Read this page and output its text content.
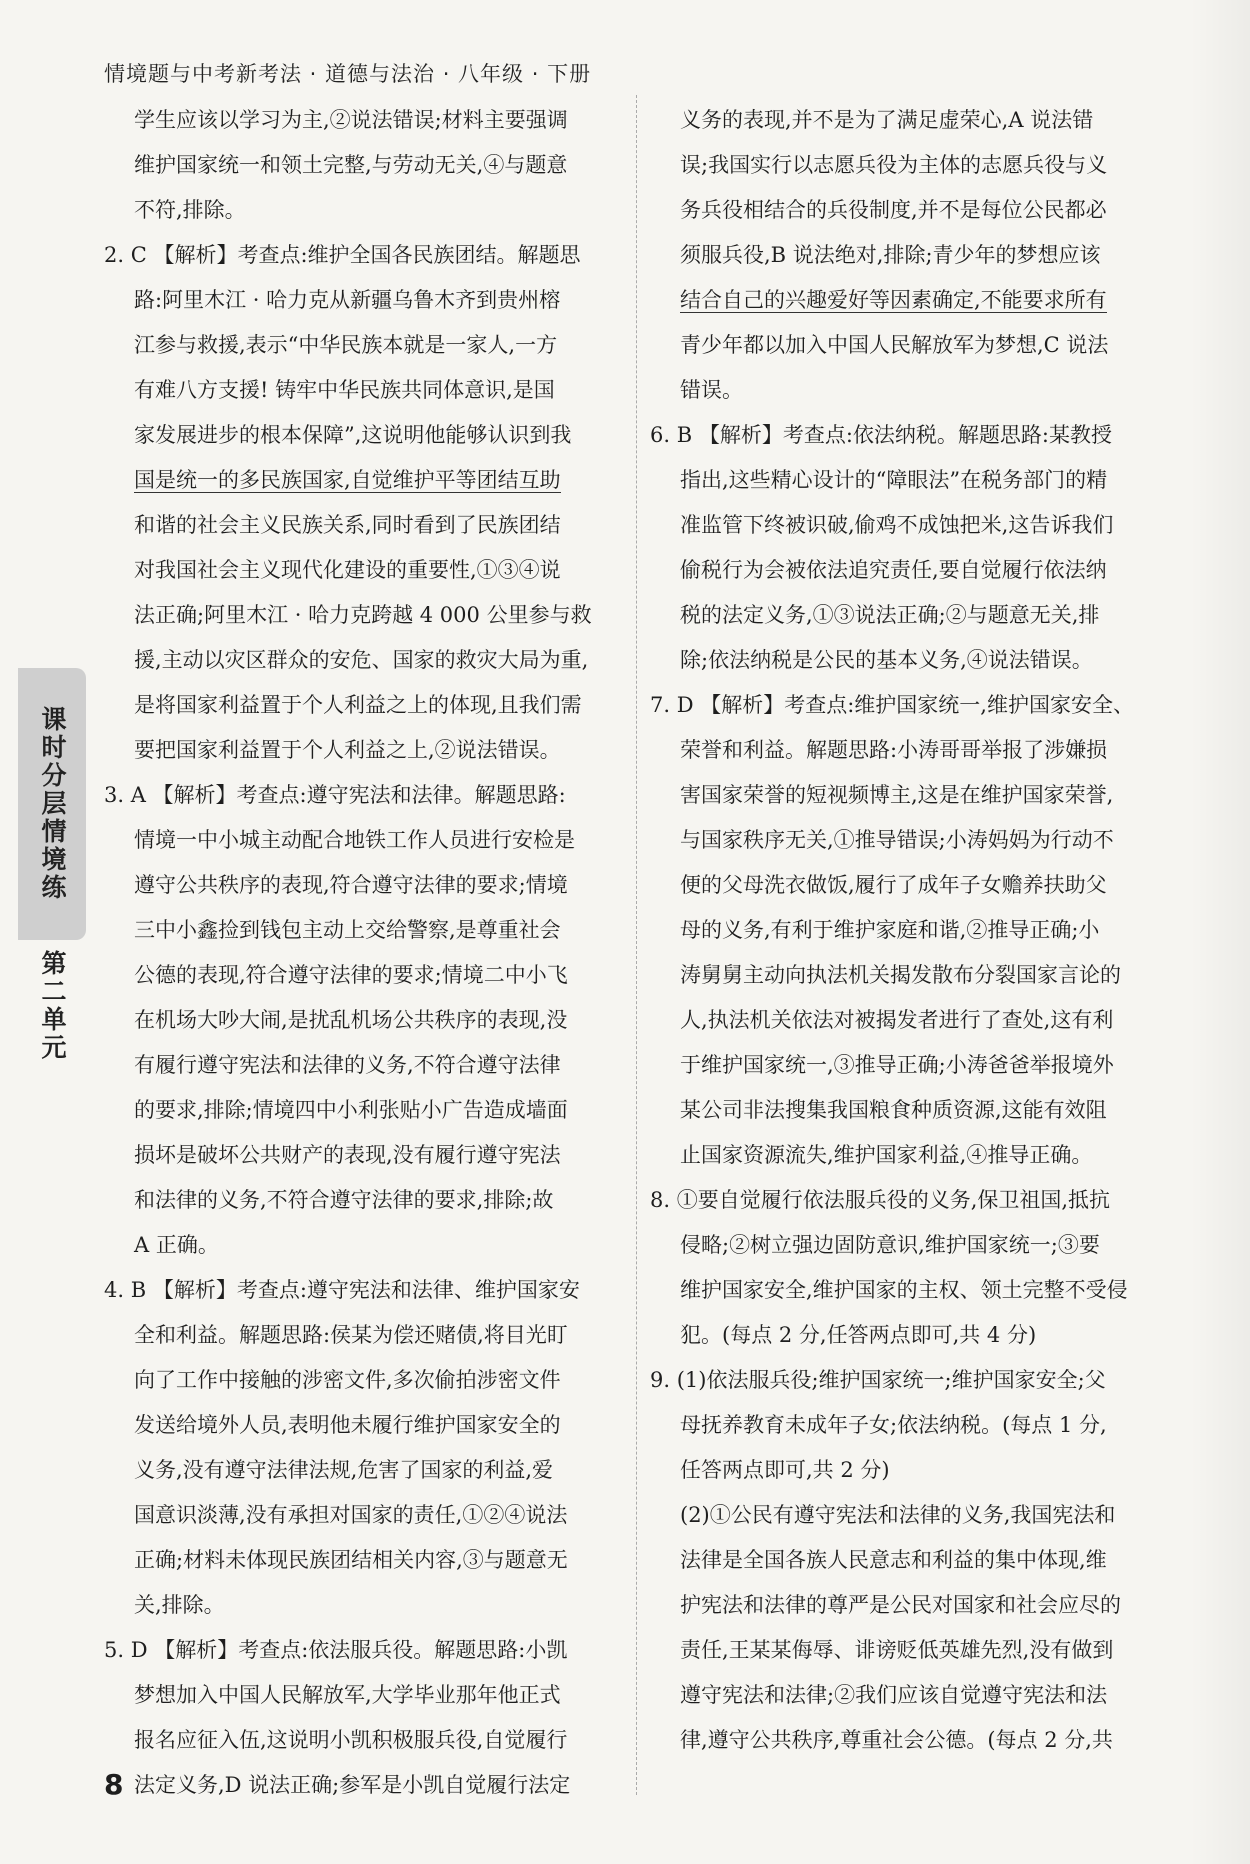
情境题与中考新考法 · 道德与法治 · 八年级 · 下册
课时分层情境练
第二单元
学生应该以学习为主,②说法错误;材料主要强调
维护国家统一和领土完整,与劳动无关,④与题意
不符,排除。
2. C 【解析】考查点:维护全国各民族团结。解题思
路:阿里木江 · 哈力克从新疆乌鲁木齐到贵州榕
江参与救援,表示“中华民族本就是一家人,一方
有难八方支援! 铸牢中华民族共同体意识,是国
家发展进步的根本保障”,这说明他能够认识到我
国是统一的多民族国家,自觉维护平等团结互助
和谐的社会主义民族关系,同时看到了民族团结
对我国社会主义现代化建设的重要性,①③④说
法正确;阿里木江 · 哈力克跨越 4 000 公里参与救
援,主动以灾区群众的安危、国家的救灾大局为重,
是将国家利益置于个人利益之上的体现,且我们需
要把国家利益置于个人利益之上,②说法错误。
3. A 【解析】考查点:遵守宪法和法律。解题思路:
情境一中小城主动配合地铁工作人员进行安检是
遵守公共秩序的表现,符合遵守法律的要求;情境
三中小鑫捡到钱包主动上交给警察,是尊重社会
公德的表现,符合遵守法律的要求;情境二中小飞
在机场大吵大闹,是扰乱机场公共秩序的表现,没
有履行遵守宪法和法律的义务,不符合遵守法律
的要求,排除;情境四中小利张贴小广告造成墙面
损坏是破坏公共财产的表现,没有履行遵守宪法
和法律的义务,不符合遵守法律的要求,排除;故
A 正确。
4. B 【解析】考查点:遵守宪法和法律、维护国家安
全和利益。解题思路:侯某为偿还赌债,将目光盯
向了工作中接触的涉密文件,多次偷拍涉密文件
发送给境外人员,表明他未履行维护国家安全的
义务,没有遵守法律法规,危害了国家的利益,爱
国意识淡薄,没有承担对国家的责任,①②④说法
正确;材料未体现民族团结相关内容,③与题意无
关,排除。
5. D 【解析】考查点:依法服兵役。解题思路:小凯
梦想加入中国人民解放军,大学毕业那年他正式
报名应征入伍,这说明小凯积极服兵役,自觉履行
法定义务,D 说法正确;参军是小凯自觉履行法定
义务的表现,并不是为了满足虚荣心,A 说法错
误;我国实行以志愿兵役为主体的志愿兵役与义
务兵役相结合的兵役制度,并不是每位公民都必
须服兵役,B 说法绝对,排除;青少年的梦想应该
结合自己的兴趣爱好等因素确定,不能要求所有
青少年都以加入中国人民解放军为梦想,C 说法
错误。
6. B 【解析】考查点:依法纳税。解题思路:某教授
指出,这些精心设计的“障眼法”在税务部门的精
准监管下终被识破,偷鸡不成蚀把米,这告诉我们
偷税行为会被依法追究责任,要自觉履行依法纳
税的法定义务,①③说法正确;②与题意无关,排
除;依法纳税是公民的基本义务,④说法错误。
7. D 【解析】考查点:维护国家统一,维护国家安全、
荣誉和利益。解题思路:小涛哥哥举报了涉嫌损
害国家荣誉的短视频博主,这是在维护国家荣誉,
与国家秩序无关,①推导错误;小涛妈妈为行动不
便的父母洗衣做饭,履行了成年子女赡养扶助父
母的义务,有利于维护家庭和谐,②推导正确;小
涛舅舅主动向执法机关揭发散布分裂国家言论的
人,执法机关依法对被揭发者进行了查处,这有利
于维护国家统一,③推导正确;小涛爸爸举报境外
某公司非法搜集我国粮食种质资源,这能有效阻
止国家资源流失,维护国家利益,④推导正确。
8. ①要自觉履行依法服兵役的义务,保卫祖国,抵抗
侵略;②树立强边固防意识,维护国家统一;③要
维护国家安全,维护国家的主权、领土完整不受侵
犯。(每点 2 分,任答两点即可,共 4 分)
9. (1)依法服兵役;维护国家统一;维护国家安全;父
母抚养教育未成年子女;依法纳税。(每点 1 分,
任答两点即可,共 2 分)
(2)①公民有遵守宪法和法律的义务,我国宪法和
法律是全国各族人民意志和利益的集中体现,维
护宪法和法律的尊严是公民对国家和社会应尽的
责任,王某某侮辱、诽谤贬低英雄先烈,没有做到
遵守宪法和法律;②我们应该自觉遵守宪法和法
律,遵守公共秩序,尊重社会公德。(每点 2 分,共
8
